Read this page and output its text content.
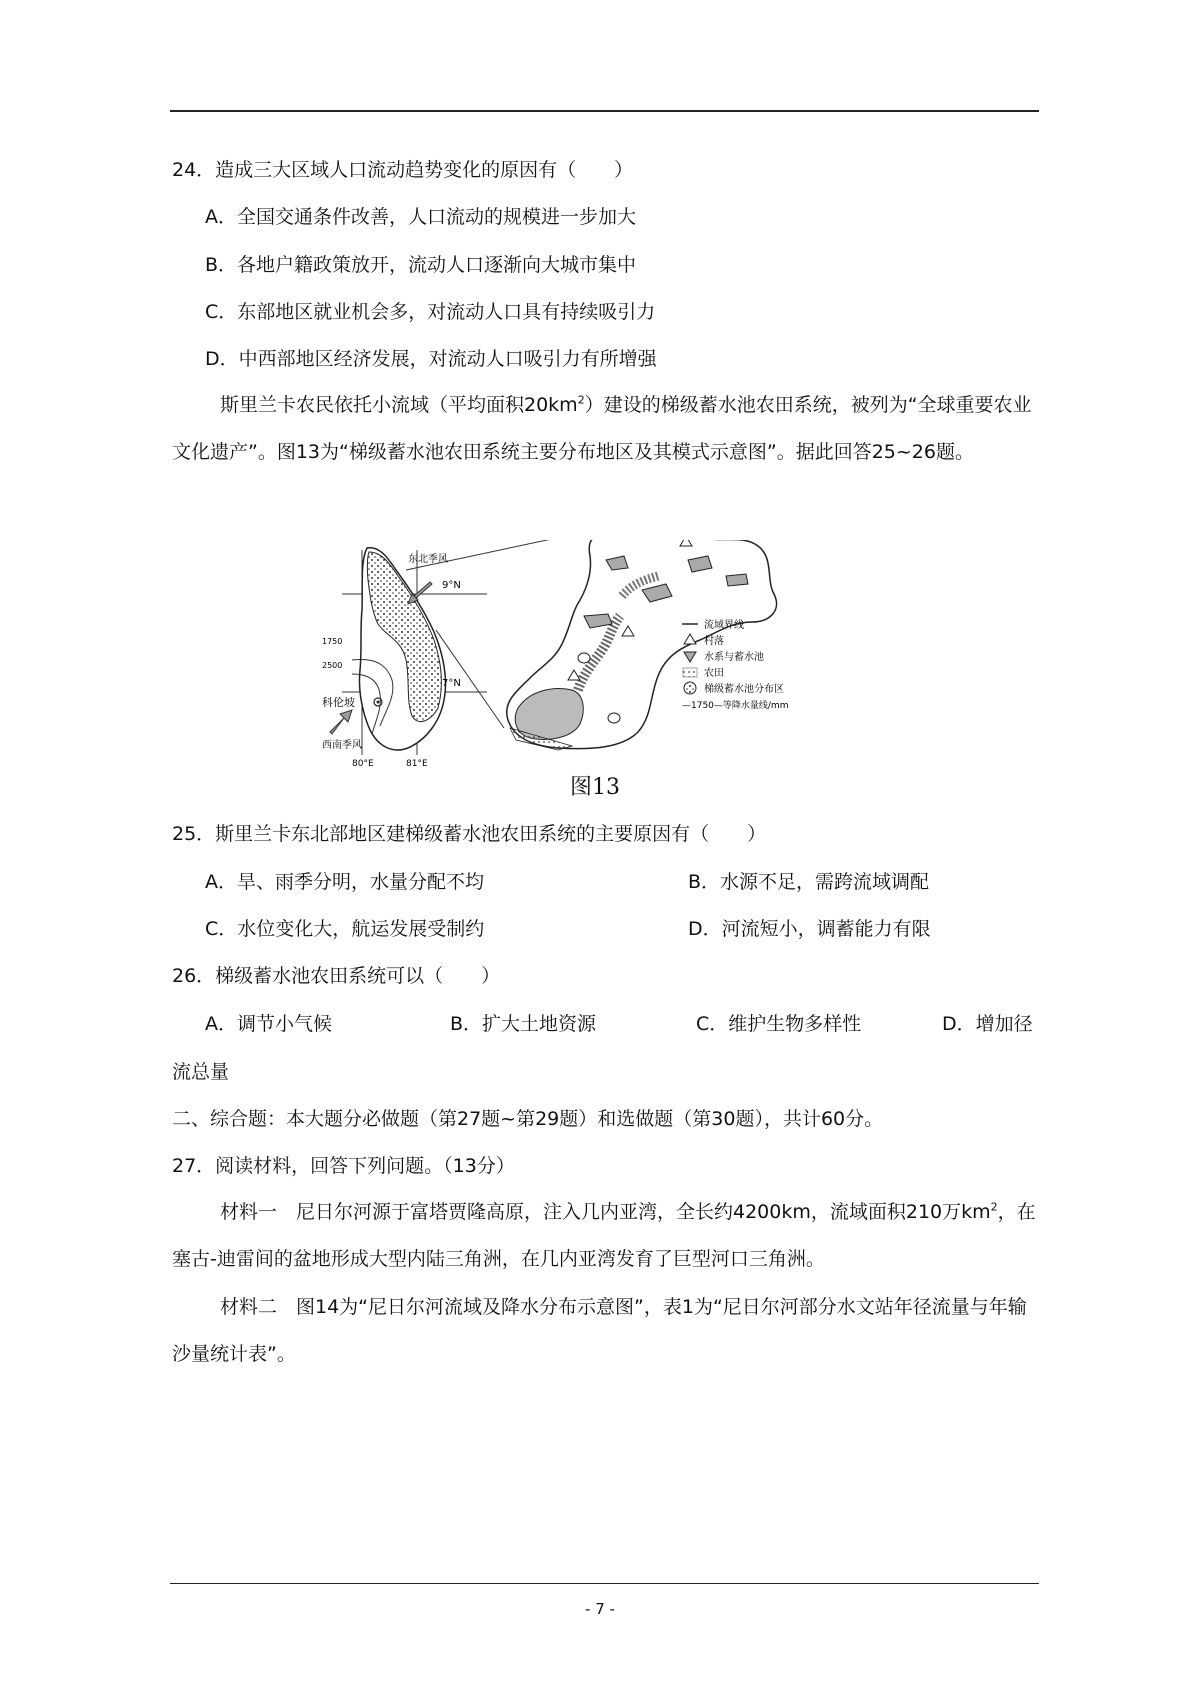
24．造成三大区域人口流动趋势变化的原因有（　　）
A．全国交通条件改善，人口流动的规模进一步加大
B．各地户籍政策放开，流动人口逐渐向大城市集中
C．东部地区就业机会多，对流动人口具有持续吸引力
D．中西部地区经济发展，对流动人口吸引力有所增强
斯里兰卡农民依托小流域（平均面积$20km^2$）建设的梯级蓄水池农田系统，被列为“全球重要农业文化遗产”。图13为“梯级蓄水池农田系统主要分布地区及其模式示意图”。据此回答25~26题。
流域界线
村落
水系与蓄水池
农田
梯级蓄水池分布区
—1750—等降水量线/mm
东北季风
9°N
7°N
1750
2500
科伦坡
西南季风
80°E	81°E
图13
25．斯里兰卡东北部地区建梯级蓄水池农田系统的主要原因有（　　）
A．旱、雨季分明，水量分配不均	B．水源不足，需跨流域调配
C．水位变化大，航运发展受制约	D．河流短小，调蓄能力有限
26．梯级蓄水池农田系统可以（　　）
A．调节小气候	B．扩大土地资源	C．维护生物多样性	D．增加径
流总量
二、综合题：本大题分必做题（第27题~第29题）和选做题（第30题），共计60分。
27．阅读材料，回答下列问题。（13分）
材料一　尼日尔河源于富塔贾隆高原，注入几内亚湾，全长约4200km，流域面积210万$km^2$，在塞古-迪雷间的盆地形成大型内陆三角洲，在几内亚湾发育了巨型河口三角洲。
材料二　图14为“尼日尔河流域及降水分布示意图”，表1为“尼日尔河部分水文站年径流量与年输沙量统计表”。
- 7 -
